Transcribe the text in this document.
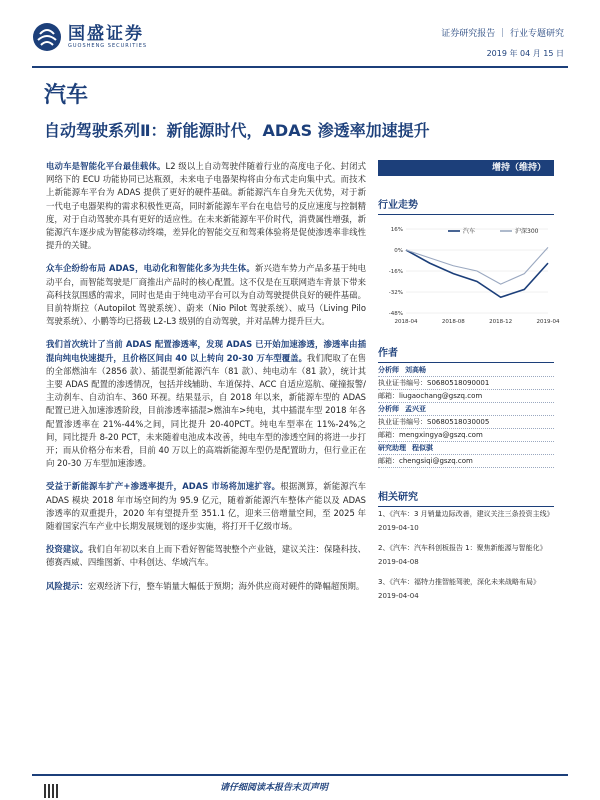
国盛证券
GUOSHENG SECURITIES
证券研究报告 ｜ 行业专题研究
2019 年 04 月 15 日
汽车
自动驾驶系列Ⅱ：新能源时代，ADAS 渗透率加速提升

电动车是智能化平台最佳载体。L2 级以上自动驾驶伴随着行业的高度电子化、封闭式网络下的 ECU 功能协同已达瓶颈，未来电子电器架构将由分布式走向集中式。而技术上新能源车平台为 ADAS 提供了更好的硬件基础。新能源汽车自身先天优势，对于新一代电子电器架构的需求积极性更高，同时新能源车平台在电信号的反应速度与控制精度，对于自动驾驶亦具有更好的适应性。在未来新能源车平价时代，消费属性增强，新能源汽车逐步成为智能移动终端，差异化的智能交互和驾乘体验将是促使渗透率非线性提升的关键。

众车企纷纷布局 ADAS，电动化和智能化多为共生体。新兴造车势力产品多基于纯电动平台，而智能驾驶是厂商推出产品时的核心配置。这不仅是在互联网造车背景下带来高科技氛围感的需求，同时也是由于纯电动平台可以为自动驾驶提供良好的硬件基础。目前特斯拉（Autopilot 驾驶系统）、蔚来（Nio Pilot 驾驶系统）、威马（Living Pilo 驾驶系统）、小鹏等均已搭载 L2-L3 级别的自动驾驶，并对品牌力提升巨大。

我们首次统计了当前 ADAS 配置渗透率，发现 ADAS 已开始加速渗透，渗透率由插混向纯电快速提升，且价格区间由 40 以上转向 20-30 万车型覆盖。我们爬取了在售的全部燃油车（2856 款）、插混型新能源汽车（81 款）、纯电动车（81 款），统计其主要 ADAS 配置的渗透情况，包括并线辅助、车道保持、ACC 自适应巡航、碰撞报警/主动刹车、自动泊车、360 环视。结果显示，自 2018 年以来，新能源车型的 ADAS 配置已进入加速渗透阶段，目前渗透率插混>燃油车>纯电，其中插混车型 2018 年各配置渗透率在 21%-44%之间，同比提升 20-40PCT。纯电车型率在 11%-24%之间，同比提升 8-20 PCT，未来随着电池成本改善，纯电车型的渗透空间的将进一步打开；而从价格分布来看，目前 40 万以上的高端新能源车型仍是配置助力，但行业正在向 20-30 万车型加速渗透。

受益于新能源车扩产+渗透率提升，ADAS 市场将加速扩容。根据测算，新能源汽车 ADAS 模块 2018 年市场空间约为 95.9 亿元，随着新能源汽车整体产能以及 ADAS 渗透率的双重提升，2020 年有望提升至 351.1 亿，迎来三倍增量空间，至 2025 年随着国家汽车产业中长期发展规划的逐步实施，将打开千亿级市场。

投资建议。我们自年初以来自上而下看好智能驾驶整个产业链，建议关注：保隆科技、德赛西威、四维图新、中科创达、华域汽车。

风险提示：宏观经济下行，整车销量大幅低于预期；海外供应商对硬件的降幅超预期。

增持（维持）
行业走势
16%
0%
-16%
-32%
-48%
2018-04	2018-08	2018-12	2019-04
汽车	沪深300
作者
分析师 刘高畅
执业证书编号：S0680518090001
邮箱：liugaochang@gszq.com
分析师 孟兴亚
执业证书编号：S0680518030005
邮箱：mengxingya@gszq.com
研究助理 程似骐
邮箱：chengsiqi@gszq.com
相关研究
1、《汽车：3 月销量边际改善，建议关注三条投资主线》
2019-04-10
2、《汽车：汽车科创板报告 1：聚焦新能源与智能化》
2019-04-08
3、《汽车：福特力推智能驾驶，深化未来战略布局》
2019-04-04
请仔细阅读本报告末页声明
